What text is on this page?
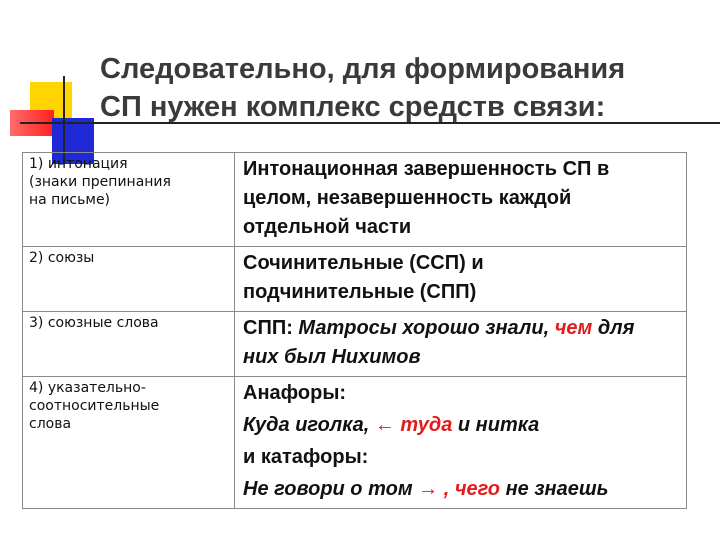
Следовательно, для формирования
СП нужен комплекс средств связи:
1) интонация
(знаки препинания
на письме)	Интонационная завершенность СП в
целом, незавершенность каждой
отдельной части

2) союзы	Сочинительные (ССП) и
подчинительные (СПП)

3) союзные слова	СПП: Матросы хорошо знали, чем для
них был Нихимов

4) указательно-
соотносительные
слова	Анафоры:
Куда иголка, ← туда и нитка
и катафоры:
Не говори о том → , чего не знаешь
